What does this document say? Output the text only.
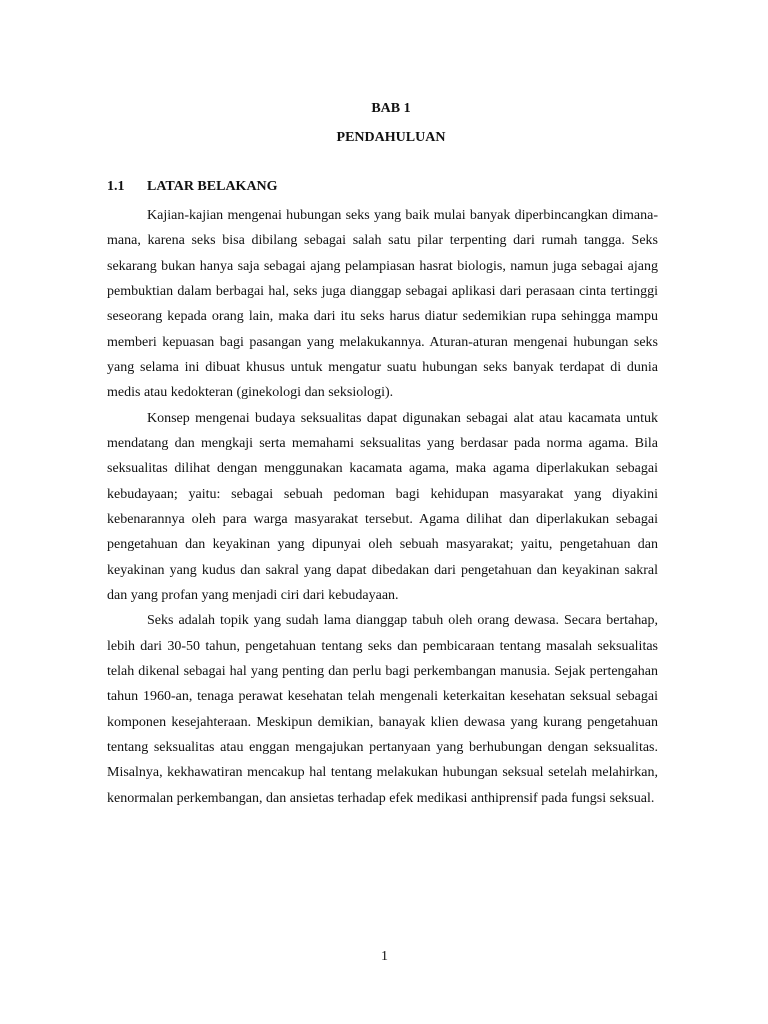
BAB 1

PENDAHULUAN

1.1 LATAR BELAKANG

Kajian-kajian mengenai hubungan seks yang baik mulai banyak diperbincangkan dimana-mana, karena seks bisa dibilang sebagai salah satu pilar terpenting dari rumah tangga. Seks sekarang bukan hanya saja sebagai ajang pelampiasan hasrat biologis, namun juga sebagai ajang pembuktian dalam berbagai hal, seks juga dianggap sebagai aplikasi dari perasaan cinta tertinggi seseorang kepada orang lain, maka dari itu seks harus diatur sedemikian rupa sehingga mampu memberi kepuasan bagi pasangan yang melakukannya. Aturan-aturan mengenai hubungan seks yang selama ini dibuat khusus untuk mengatur suatu hubungan seks banyak terdapat di dunia medis atau kedokteran (ginekologi dan seksiologi).

Konsep mengenai budaya seksualitas dapat digunakan sebagai alat atau kacamata untuk mendatang dan mengkaji serta memahami seksualitas yang berdasar pada norma agama. Bila seksualitas dilihat dengan menggunakan kacamata agama, maka agama diperlakukan sebagai kebudayaan; yaitu: sebagai sebuah pedoman bagi kehidupan masyarakat yang diyakini kebenarannya oleh para warga masyarakat tersebut. Agama dilihat dan diperlakukan sebagai pengetahuan dan keyakinan yang dipunyai oleh sebuah masyarakat; yaitu, pengetahuan dan keyakinan yang kudus dan sakral yang dapat dibedakan dari pengetahuan dan keyakinan sakral dan yang profan yang menjadi ciri dari kebudayaan.

Seks adalah topik yang sudah lama dianggap tabuh oleh orang dewasa. Secara bertahap, lebih dari 30-50 tahun, pengetahuan tentang seks dan pembicaraan tentang masalah seksualitas telah dikenal sebagai hal yang penting dan perlu bagi perkembangan manusia. Sejak pertengahan tahun 1960-an, tenaga perawat kesehatan telah mengenali keterkaitan kesehatan seksual sebagai komponen kesejahteraan. Meskipun demikian, banayak klien dewasa yang kurang pengetahuan tentang seksualitas atau enggan mengajukan pertanyaan yang berhubungan dengan seksualitas. Misalnya, kekhawatiran mencakup hal tentang melakukan hubungan seksual setelah melahirkan, kenormalan perkembangan, dan ansietas terhadap efek medikasi anthiprensif pada fungsi seksual.

1
